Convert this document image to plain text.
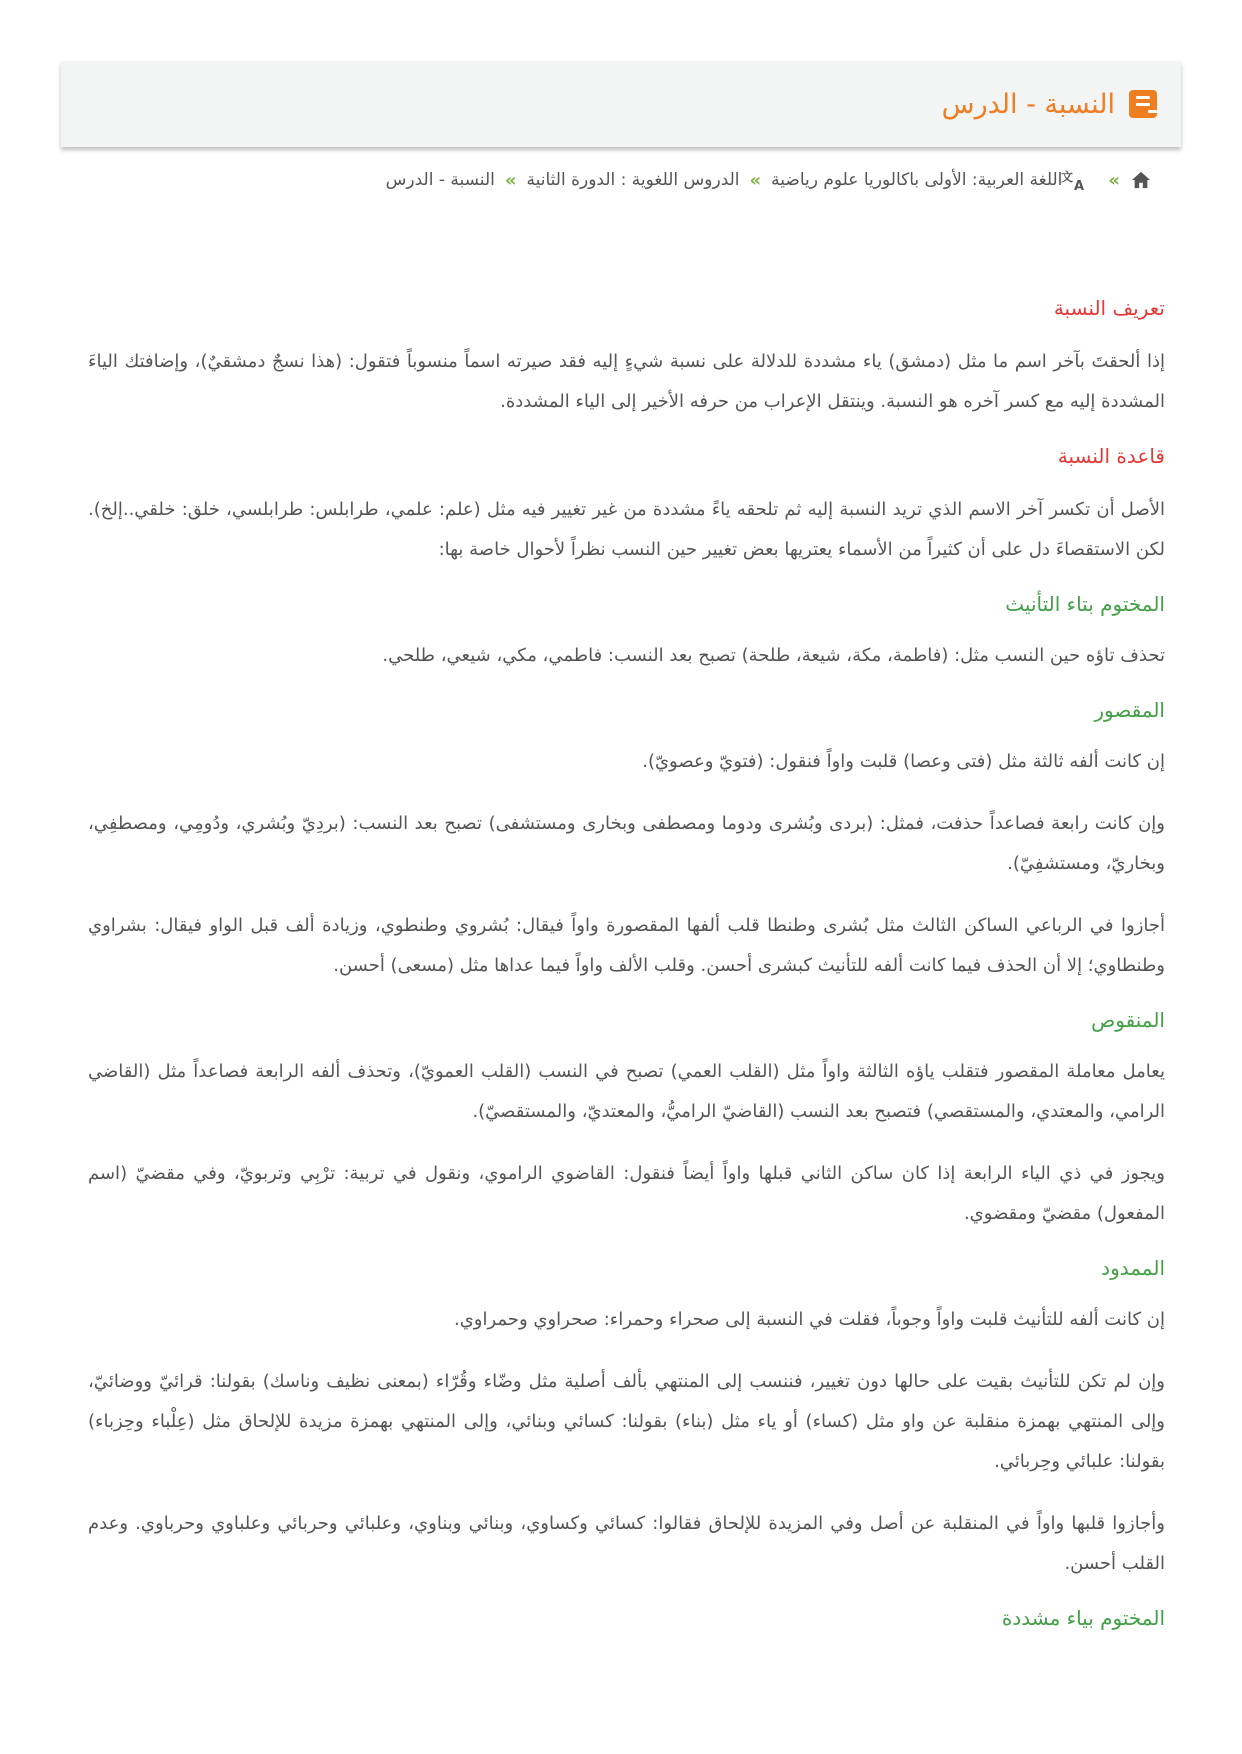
النسبة - الدرس
»
文
A
اللغة العربية: الأولى باكالوريا علوم رياضية
»
الدروس اللغوية : الدورة الثانية
»
النسبة - الدرس
تعريف النسبة

إذا ألحقتَ بآخر اسم ما مثل (دمشق) ياء مشددة للدلالة على نسبة شيءٍ إليه فقد صيرته اسماً منسوباً فتقول: (هذا نسجٌ دمشقيٌ)، وإضافتك الياءَ المشددة إليه مع كسر آخره هو النسبة. وينتقل الإعراب من حرفه الأخير إلى الياء المشددة.

قاعدة النسبة

الأصل أن تكسر آخر الاسم الذي تريد النسبة إليه ثم تلحقه ياءً مشددة من غير تغيير فيه مثل (علم: علمي، طرابلس: طرابلسي، خلق: خلقي..إلخ). لكن الاستقصاءَ دل على أن كثيراً من الأسماء يعتريها بعض تغيير حين النسب نظراً لأحوال خاصة بها:

المختوم بتاء التأنيث

تحذف تاؤه حين النسب مثل: (فاطمة، مكة، شيعة، طلحة) تصبح بعد النسب: فاطمي، مكي، شيعي، طلحي.

المقصور

إن كانت ألفه ثالثة مثل (فتى وعصا) قلبت واواً فنقول: (فتويّ وعصويّ).

وإن كانت رابعة فصاعداً حذفت، فمثل: (بردى وبُشرى ودوما ومصطفى وبخارى ومستشفى) تصبح بعد النسب: (بردِيّ وبُشري، ودُومِي، ومصطفِي، وبخاريّ، ومستشفِيّ).

أجازوا في الرباعي الساكن الثالث مثل بُشرى وطنطا قلب ألفها المقصورة واواً فيقال: بُشروي وطنطوي، وزيادة ألف قبل الواو فيقال: بشراوي وطنطاوي؛ إلا أن الحذف فيما كانت ألفه للتأنيث كبشرى أحسن. وقلب الألف واواً فيما عداها مثل (مسعى) أحسن.

المنقوص

يعامل معاملة المقصور فتقلب ياؤه الثالثة واواً مثل (القلب العمي) تصبح في النسب (القلب العمويّ)، وتحذف ألفه الرابعة فصاعداً مثل (القاضي الرامي، والمعتدي، والمستقصي) فتصبح بعد النسب (القاضيّ الراميُّ، والمعتديّ، والمستقصيّ).

ويجوز في ذي الياء الرابعة إذا كان ساكن الثاني قبلها واواً أيضاً فنقول: القاضوي الراموي، ونقول في تربية: ترْبِي وتربويّ، وفي مقضيّ (اسم المفعول) مقضيّ ومقضوي.

الممدود

إن كانت ألفه للتأنيث قلبت واواً وجوباً، فقلت في النسبة إلى صحراء وحمراء: صحراوي وحمراوي.

وإن لم تكن للتأنيث بقيت على حالها دون تغيير، فننسب إلى المنتهي بألف أصلية مثل وضّاء وقُرّاء (بمعنى نظيف وناسك) بقولنا: قرائيّ ووضائيّ، وإلى المنتهي بهمزة منقلبة عن واو مثل (كساء) أو ياء مثل (بناء) بقولنا: كسائي وبنائي، وإلى المنتهي بهمزة مزيدة للإلحاق مثل (عِلْباء وحِزباء) بقولنا: علبائي وحِربائي.

وأجازوا قلبها واواً في المنقلبة عن أصل وفي المزيدة للإلحاق فقالوا: كسائي وكساوي، وبنائي وبناوي، وعلبائي وحربائي وعلباوي وحرباوي. وعدم القلب أحسن.

المختوم بياء مشددة
